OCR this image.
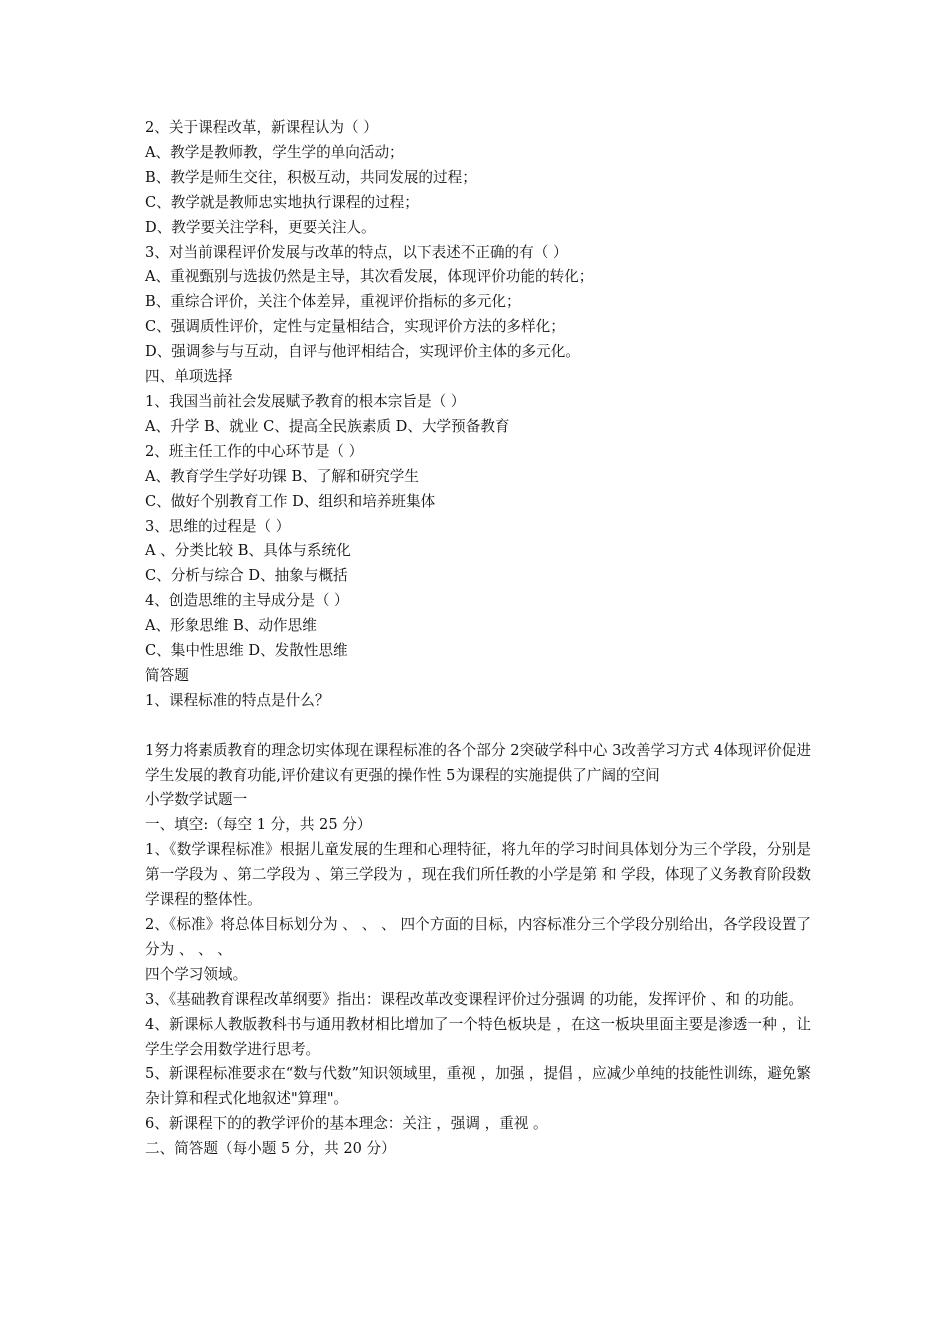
2、关于课程改革，新课程认为（ ）
A、教学是教师教，学生学的单向活动；
B、教学是师生交往，积极互动，共同发展的过程；
C、教学就是教师忠实地执行课程的过程；
D、教学要关注学科，更要关注人。
3、对当前课程评价发展与改革的特点，以下表述不正确的有（ ）
A、重视甄别与选拔仍然是主导，其次看发展，体现评价功能的转化；
B、重综合评价，关注个体差异，重视评价指标的多元化；
C、强调质性评价，定性与定量相结合，实现评价方法的多样化；
D、强调参与与互动，自评与他评相结合，实现评价主体的多元化。
四、单项选择
1、我国当前社会发展赋予教育的根本宗旨是（ ）
A、升学 B、就业 C、提高全民族素质 D、大学预备教育
2、班主任工作的中心环节是（ ）
A、教育学生学好功锞 B、了解和研究学生
C、做好个别教育工作 D、组织和培养班集体
3、思维的过程是（ ）
A 、分类比较 B、具体与系统化
C、分析与综合 D、抽象与概括
4、创造思维的主导成分是（ ）
A、形象思维 B、动作思维
C、集中性思维 D、发散性思维
简答题
1、课程标准的特点是什么？
1努力将素质教育的理念切实体现在课程标准的各个部分 2突破学科中心 3改善学习方式 4体现评价促进学生发展的教育功能,评价建议有更强的操作性 5为课程的实施提供了广阔的空间
小学数学试题一
一、填空:（每空 1 分，共 25 分）
1、《数学课程标准》根据儿童发展的生理和心理特征，将九年的学习时间具体划分为三个学段，分别是第一学段为 、第二学段为 、第三学段为 ，现在我们所任教的小学是第 和 学段，体现了义务教育阶段数学课程的整体性。
2、《标准》将总体目标划分为 、 、 、 四个方面的目标，内容标准分三个学段分别给出，各学段设置了分为 、 、 、
四个学习领域。
3、《基础教育课程改革纲要》指出：课程改革改变课程评价过分强调 的功能，发挥评价 、和 的功能。
4、新课标人教版教科书与通用教材相比增加了一个特色板块是 ，在这一板块里面主要是渗透一种 ，让学生学会用数学进行思考。
5、新课程标准要求在“数与代数”知识领域里，重视 ，加强 ，提倡 ，应减少单纯的技能性训练，避免繁杂计算和程式化地叙述"算理"。
6、新课程下的的教学评价的基本理念：关注 ，强调 ，重视 。
二、简答题（每小题 5 分，共 20 分）
